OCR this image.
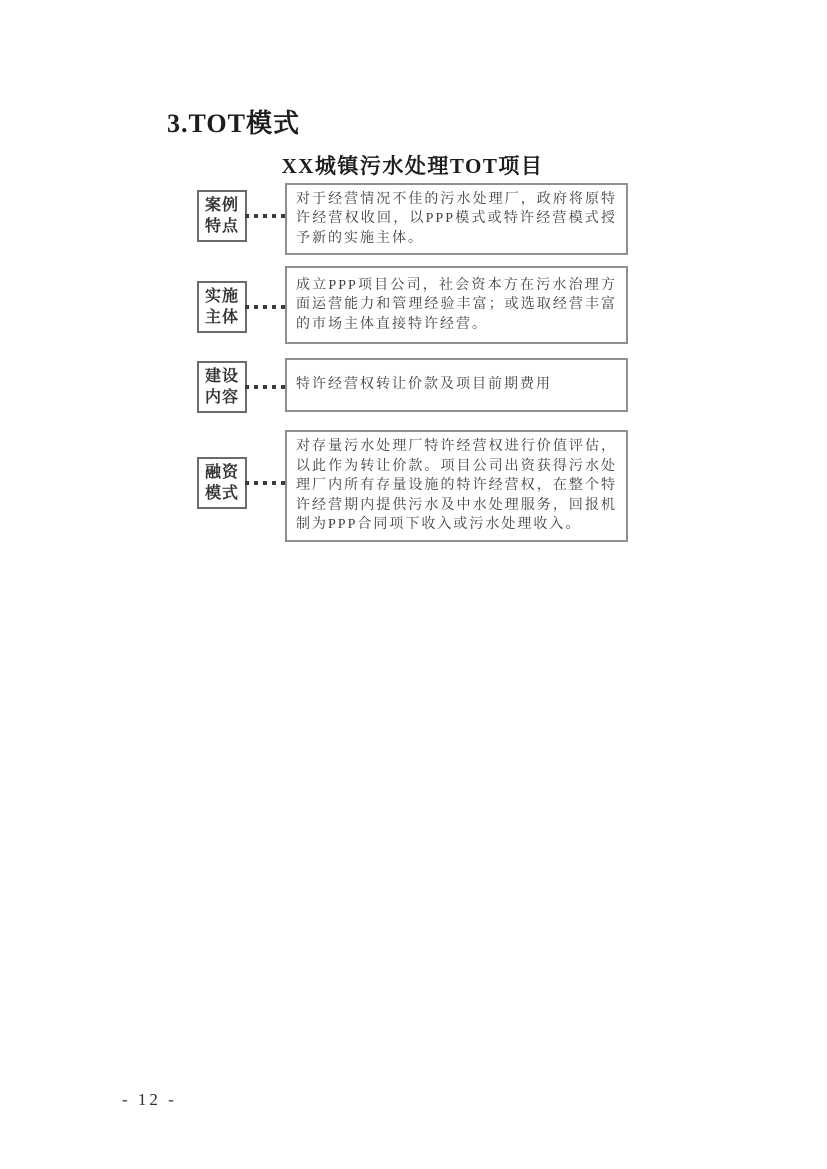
3.TOT模式
XX城镇污水处理TOT项目
案例
特点

对于经营情况不佳的污水处理厂，政府将原特许经营权收回，以PPP模式或特许经营模式授予新的实施主体。

实施
主体

成立PPP项目公司，社会资本方在污水治理方面运营能力和管理经验丰富；或选取经营丰富的市场主体直接特许经营。

建设
内容

特许经营权转让价款及项目前期费用

融资
模式

对存量污水处理厂特许经营权进行价值评估，以此作为转让价款。项目公司出资获得污水处理厂内所有存量设施的特许经营权，在整个特许经营期内提供污水及中水处理服务，回报机制为PPP合同项下收入或污水处理收入。

- 12 -
